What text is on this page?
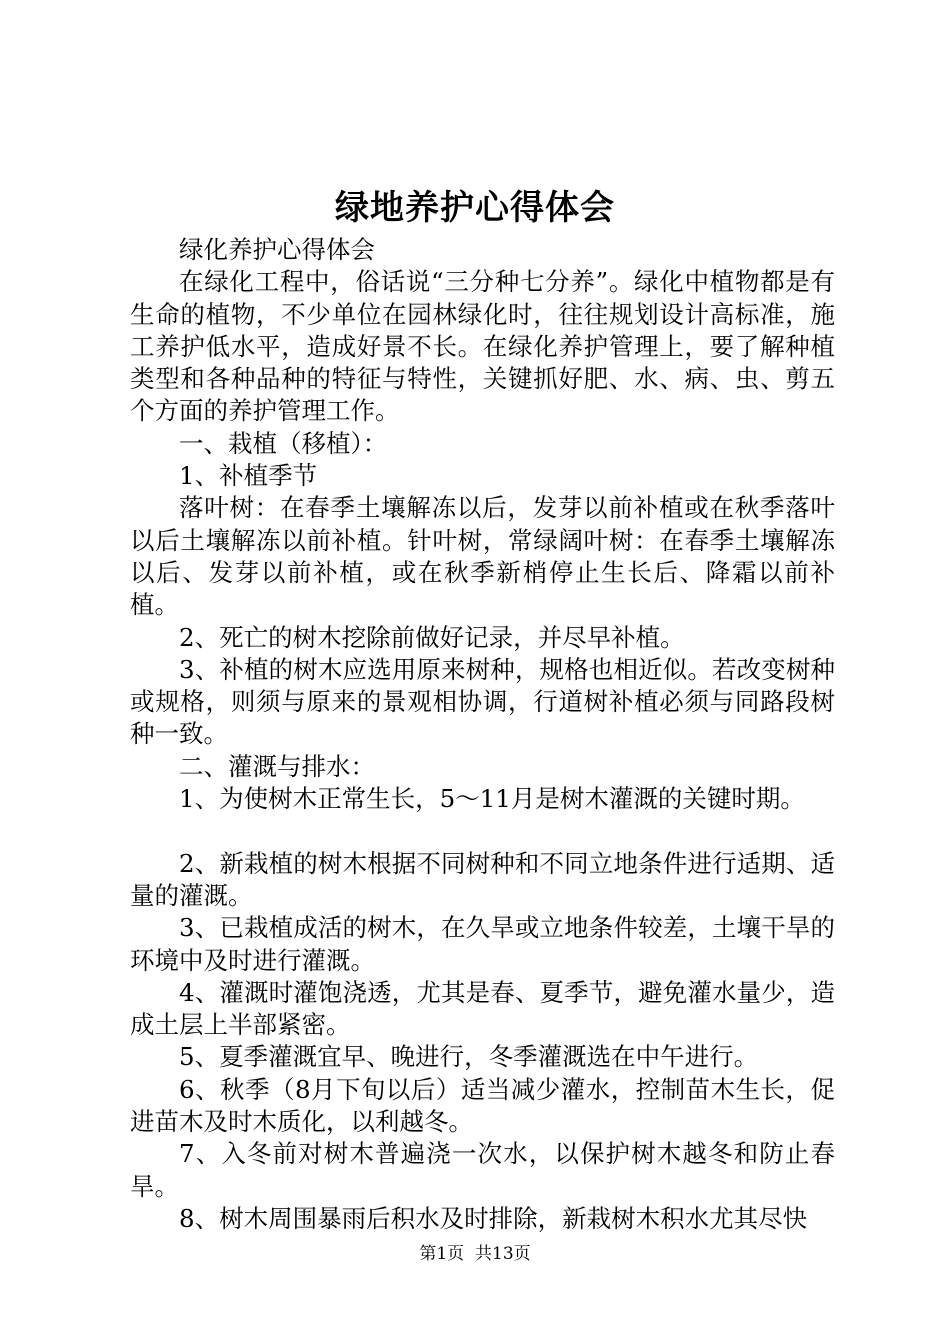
绿地养护心得体会

绿化养护心得体会

在绿化工程中，俗话说“三分种七分养”。绿化中植物都是有生命的植物，不少单位在园林绿化时，往往规划设计高标准，施工养护低水平，造成好景不长。在绿化养护管理上，要了解种植类型和各种品种的特征与特性，关键抓好肥、水、病、虫、剪五个方面的养护管理工作。

一、栽植（移植）：

1、补植季节

落叶树：在春季土壤解冻以后，发芽以前补植或在秋季落叶以后土壤解冻以前补植。针叶树，常绿阔叶树：在春季土壤解冻以后、发芽以前补植，或在秋季新梢停止生长后、降霜以前补植。

2、死亡的树木挖除前做好记录，并尽早补植。

3、补植的树木应选用原来树种，规格也相近似。若改变树种或规格，则须与原来的景观相协调，行道树补植必须与同路段树种一致。

二、灌溉与排水：

1、为使树木正常生长，5～11月是树木灌溉的关键时期。

2、新栽植的树木根据不同树种和不同立地条件进行适期、适量的灌溉。

3、已栽植成活的树木，在久旱或立地条件较差，土壤干旱的环境中及时进行灌溉。

4、灌溉时灌饱浇透，尤其是春、夏季节，避免灌水量少，造成土层上半部紧密。

5、夏季灌溉宜早、晚进行，冬季灌溉选在中午进行。

6、秋季（8月下旬以后）适当减少灌水，控制苗木生长，促进苗木及时木质化，以利越冬。

7、入冬前对树木普遍浇一次水，以保护树木越冬和防止春旱。

8、树木周围暴雨后积水及时排除，新栽树木积水尤其尽快

第1页 共13页
